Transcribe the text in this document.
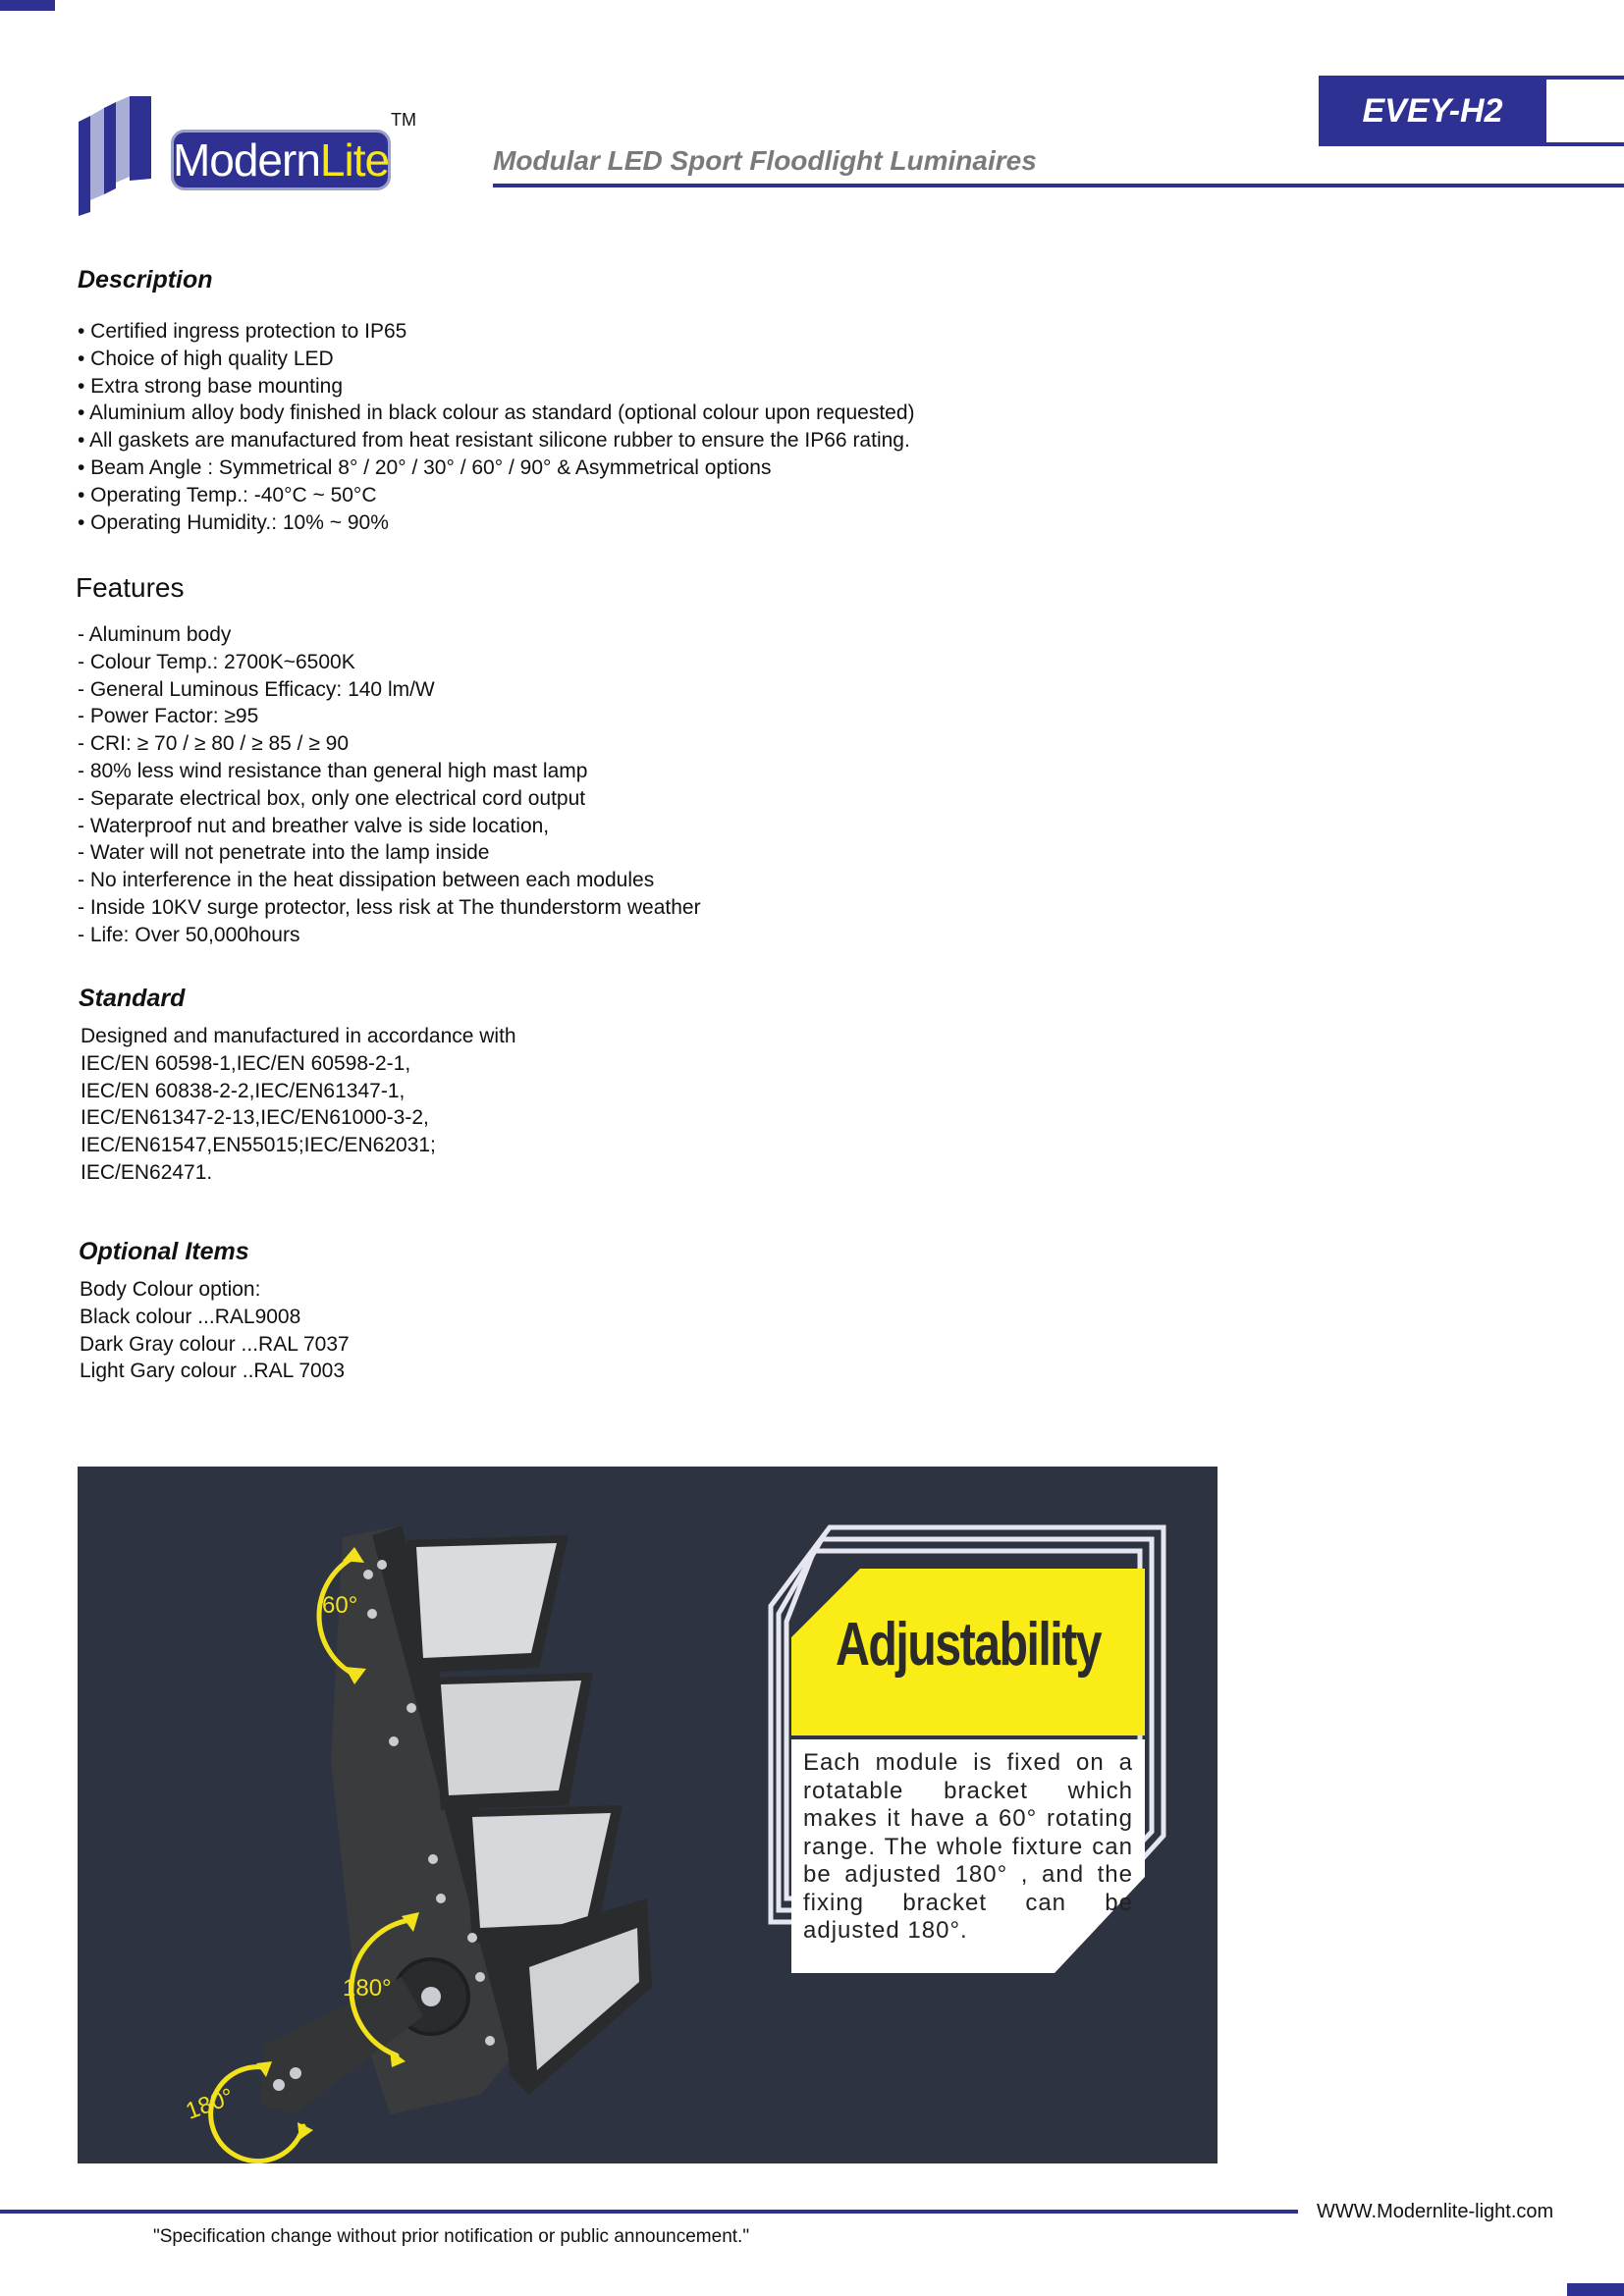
Modern Lite
TM
Modular LED Sport Floodlight Luminaires
EVEY-H2
Description
• Certified ingress protection to IP65
• Choice of high quality LED
• Extra strong base mounting
• Aluminium alloy body finished in black colour as standard (optional colour upon requested)
• All gaskets are manufactured from heat resistant silicone rubber to ensure the IP66 rating.
• Beam Angle : Symmetrical 8° / 20° / 30° / 60° / 90° & Asymmetrical options
• Operating Temp.: -40°C ~ 50°C
• Operating Humidity.: 10% ~ 90%
Features
- Aluminum body
- Colour Temp.: 2700K~6500K
- General Luminous Efficacy: 140 lm/W
- Power Factor: ≥95
- CRI: ≥ 70 / ≥ 80 / ≥ 85 / ≥ 90
- 80% less wind resistance than general high mast lamp
- Separate electrical box, only one electrical cord output
- Waterproof nut and breather valve is side location,
- Water will not penetrate into the lamp inside
- No interference in the heat dissipation between each modules
- Inside 10KV surge protector, less risk at The thunderstorm weather
- Life: Over 50,000hours
Standard
Designed and manufactured in accordance with
IEC/EN 60598-1,IEC/EN 60598-2-1,
IEC/EN 60838-2-2,IEC/EN61347-1,
IEC/EN61347-2-13,IEC/EN61000-3-2,
IEC/EN61547,EN55015;IEC/EN62031;
IEC/EN62471.
Optional Items
Body Colour option:
Black colour ...RAL9008
Dark Gray colour ...RAL 7037
Light Gary colour ..RAL 7003
60°
180°
180°
Adjustability
Each module is fixed on a rotatable bracket which makes it have a 60° rotating range. The whole fixture can be adjusted 180° , and the fixing bracket can be adjusted 180°.
WWW.Modernlite-light.com
"Specification change without prior notification or public announcement."
